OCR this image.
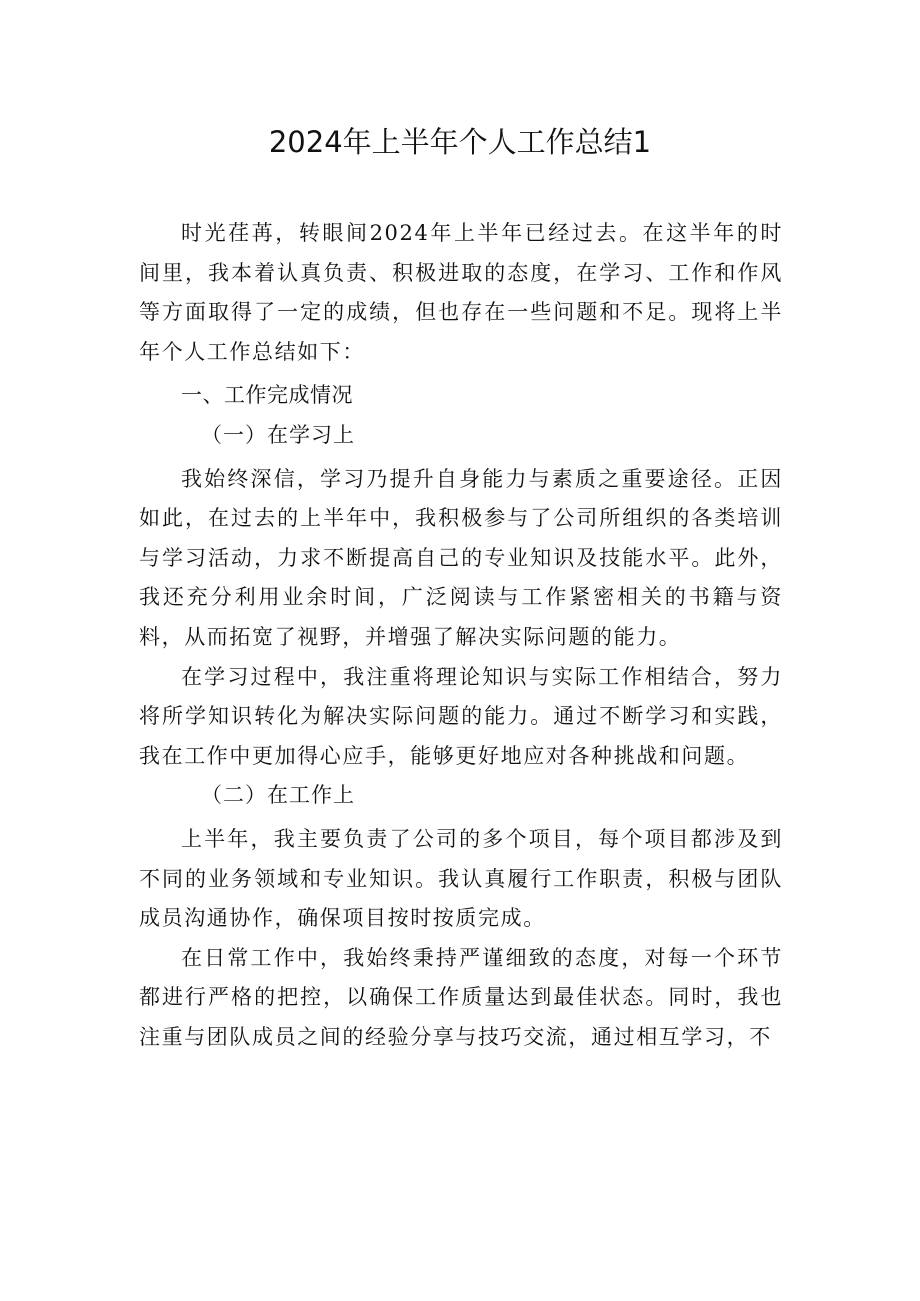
2024年上半年个人工作总结1

时光荏苒，转眼间2024年上半年已经过去。在这半年的时间里，我本着认真负责、积极进取的态度，在学习、工作和作风等方面取得了一定的成绩，但也存在一些问题和不足。现将上半年个人工作总结如下：

一、工作完成情况

（一）在学习上

我始终深信，学习乃提升自身能力与素质之重要途径。正因如此，在过去的上半年中，我积极参与了公司所组织的各类培训与学习活动，力求不断提高自己的专业知识及技能水平。此外，我还充分利用业余时间，广泛阅读与工作紧密相关的书籍与资料，从而拓宽了视野，并增强了解决实际问题的能力。

在学习过程中，我注重将理论知识与实际工作相结合，努力将所学知识转化为解决实际问题的能力。通过不断学习和实践，我在工作中更加得心应手，能够更好地应对各种挑战和问题。

（二）在工作上

上半年，我主要负责了公司的多个项目，每个项目都涉及到不同的业务领域和专业知识。我认真履行工作职责，积极与团队成员沟通协作，确保项目按时按质完成。

在日常工作中，我始终秉持严谨细致的态度，对每一个环节都进行严格的把控，以确保工作质量达到最佳状态。同时，我也注重与团队成员之间的经验分享与技巧交流，通过相互学习，不
